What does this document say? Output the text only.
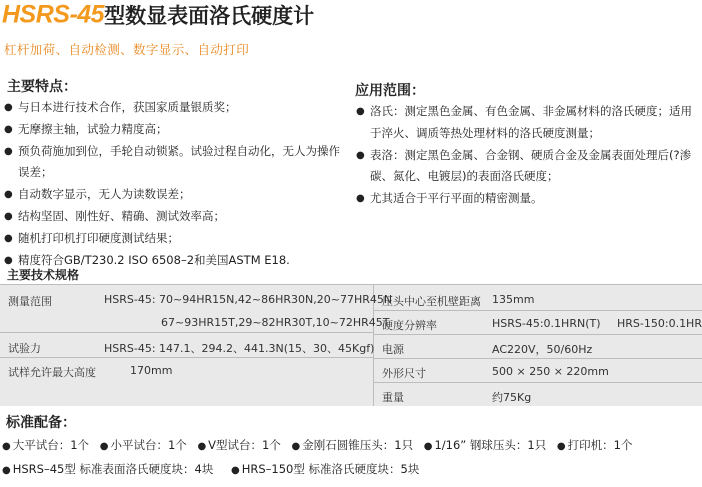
HSRS-45型数显表面洛氏硬度计
杠杆加荷、自动检测、数字显示、自动打印
主要特点：
● 与日本进行技术合作，获国家质量银质奖；
● 无摩擦主轴，试验力精度高；
● 预负荷施加到位，手轮自动锁紧。试验过程自动化，无人为操作误差；
● 自动数字显示，无人为读数误差；
● 结构坚固、刚性好、精确、测试效率高；
● 随机打印机打印硬度测试结果；
● 精度符合GB/T230.2 ISO 6508–2和美国ASTM E18.
应用范围：
● 洛氏：测定黑色金属、有色金属、非金属材料的洛氏硬度；适用于淬火、调质等热处理材料的洛氏硬度测量；
● 表洛：测定黑色金属、合金钢、硬质合金及金属表面处理后(?渗碳、氮化、电镀层)的表面洛氏硬度；
● 尤其适合于平行平面的精密测量。
主要技术规格
测量范围	HSRS-45: 70~94HR15N,42~86HR30N,20~77HR45N
67~93HR15T,29~82HR30T,10~72HR45T
试验力	HSRS-45: 147.1、294.2、441.3N(15、30、45Kgf)
试样允许最大高度	170mm
压头中心至机壁距离 135mm
硬度分辨率	HSRS-45:0.1HRN(T) HRS-150:0.1HR
电源	AC220V，50/60Hz
外形尺寸	500 × 250 × 220mm
重量	约75Kg
标准配备：
● 大平试台：1个 ● 小平试台：1个 ● V型试台：1个 ● 金刚石圆锥压头：1只 ● 1/16” 钢球压头：1只 ● 打印机：1个
● HSRS–45型 标准表面洛氏硬度块：4块 ● HRS–150型 标准洛氏硬度块：5块
